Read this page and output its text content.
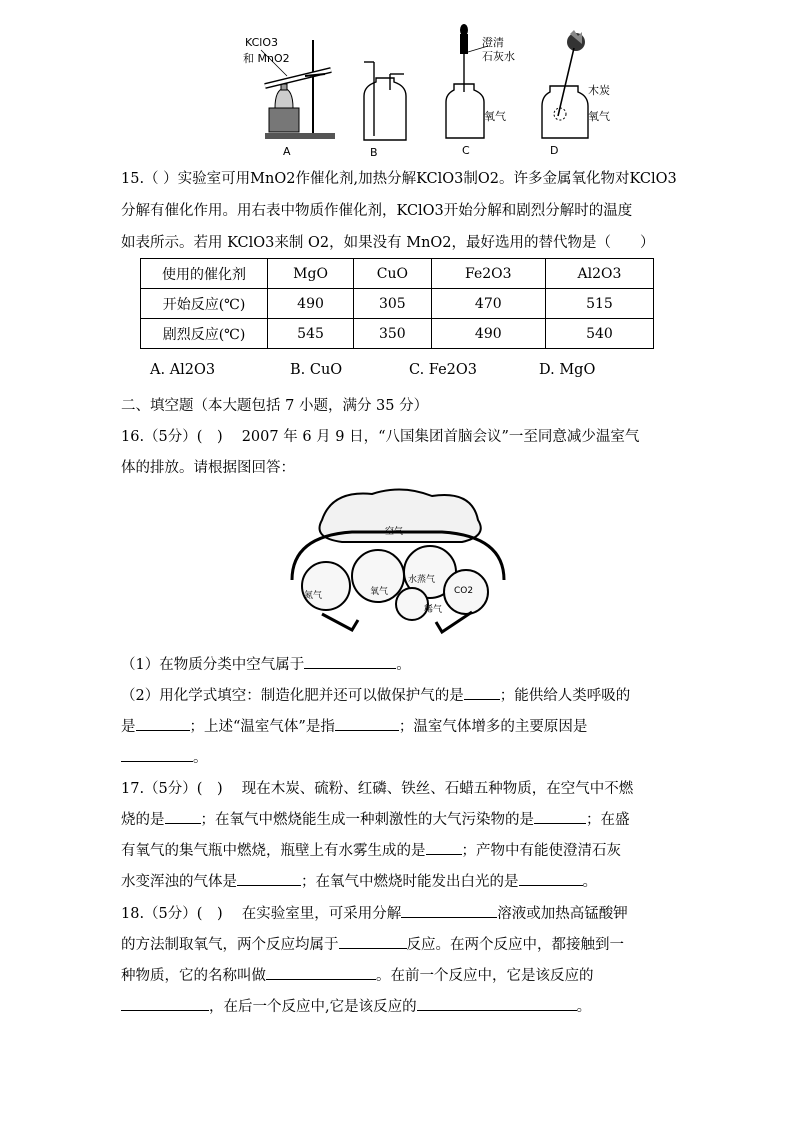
KClO3
和 MnO2
A	B
澄清
石灰水
氧气
C
木炭
氧气
D
15.（ ）实验室可用MnO2作催化剂,加热分解KClO3制O2。许多金属氧化物对KClO3
分解有催化作用。用右表中物质作催化剂，KClO3开始分解和剧烈分解时的温度
如表所示。若用 KClO3来制 O2，如果没有 MnO2，最好选用的替代物是（　　）
使用的催化剂	MgO	CuO	Fe2O3	Al2O3
开始反应(℃)	490	305	470	515
剧烈反应(℃)	545	350	490	540
A. Al2O3	B. CuO	C. Fe2O3	D. MgO
二、填空题（本大题包括 7 小题，满分 35 分）
16.（5分）(　)　 2007 年 6 月 9 日，“八国集团首脑会议”一至同意减少温室气
体的排放。请根据图回答：
空气
氮气	氧气
水蒸气
稀气
CO2
（1）在物质分类中空气属于	。
（2）用化学式填空：制造化肥并还可以做保护气的是 ；能供给人类呼吸的
是	；上述“温室气体”是指	；温室气体增多的主要原因是
。
17.（5分）(　)　 现在木炭、硫粉、红磷、铁丝、石蜡五种物质，在空气中不燃
烧的是 ；在氧气中燃烧能生成一种刺激性的大气污染物的是	；在盛
有氧气的集气瓶中燃烧，瓶壁上有水雾生成的是 ；产物中有能使澄清石灰
水变浑浊的气体是	；在氧气中燃烧时能发出白光的是	。
18.（5分）(　)　 在实验室里，可采用分解	溶液或加热高锰酸钾
的方法制取氧气，两个反应均属于	反应。在两个反应中，都接触到一
种物质，它的名称叫做	。在前一个反应中，它是该反应的
，在后一个反应中,它是该反应的	。
